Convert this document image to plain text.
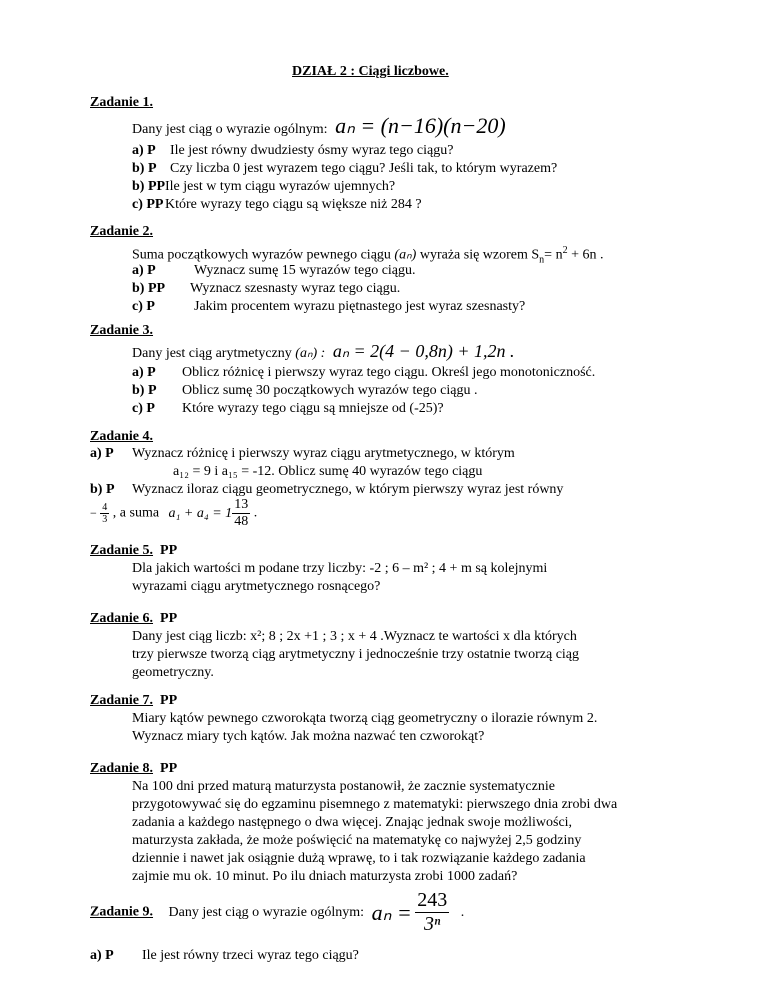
DZIAŁ 2 : Ciągi liczbowe.
Zadanie 1.
Dany jest ciąg o wyrazie ogólnym: aₙ = (n−16)(n−20)
a) P Ile jest równy dwudziesty ósmy wyraz tego ciągu?
b) P Czy liczba 0 jest wyrazem tego ciągu? Jeśli tak, to którym wyrazem?
b) PPIle jest w tym ciągu wyrazów ujemnych?
c) PP Które wyrazy tego ciągu są większe niż 284 ?
Zadanie 2.
Suma początkowych wyrazów pewnego ciągu (aₙ) wyraża się wzorem $S_n= n^2 + 6n$ .
a) P	Wyznacz sumę 15 wyrazów tego ciągu.
b) PP Wyznacz szesnasty wyraz tego ciągu.
c) P	Jakim procentem wyrazu piętnastego jest wyraz szesnasty?
Zadanie 3.
Dany jest ciąg arytmetyczny (aₙ) : aₙ = 2(4 − 0,8n) + 1,2n .
a) P Oblicz różnicę i pierwszy wyraz tego ciągu. Określ jego monotoniczność.
b) P Oblicz sumę 30 początkowych wyrazów tego ciągu .
c) P Które wyrazy tego ciągu są mniejsze od (-25)?
Zadanie 4.
a) P Wyznacz różnicę i pierwszy wyraz ciągu arytmetycznego, w którym
a₁₂ = 9 i a₁₅ = -12. Oblicz sumę 40 wyrazów tego ciągu
b) P Wyznacz iloraz ciągu geometrycznego, w którym pierwszy wyraz jest równy
− $\frac{4}{3}$ , a suma $a_1 + a_4 = 1 \frac{13}{48}$ .
Zadanie 5. PP
Dla jakich wartości m podane trzy liczby: -2 ; 6 – m² ; 4 + m są kolejnymi
wyrazami ciągu arytmetycznego rosnącego?
Zadanie 6. PP
Dany jest ciąg liczb: x²; 8 ; 2x +1 ; 3 ; x + 4 .Wyznacz te wartości x dla których
trzy pierwsze tworzą ciąg arytmetyczny i jednocześnie trzy ostatnie tworzą ciąg
geometryczny.
Zadanie 7. PP
Miary kątów pewnego czworokąta tworzą ciąg geometryczny o ilorazie równym 2.
Wyznacz miary tych kątów. Jak można nazwać ten czworokąt?
Zadanie 8. PP
Na 100 dni przed maturą maturzysta postanowił, że zacznie systematycznie
przygotowywać się do egzaminu pisemnego z matematyki: pierwszego dnia zrobi dwa
zadania a każdego następnego o dwa więcej. Znając jednak swoje możliwości,
maturzysta zakłada, że może poświęcić na matematykę co najwyżej 2,5 godziny
dziennie i nawet jak osiągnie dużą wprawę, to i tak rozwiązanie każdego zadania
zajmie mu ok. 10 minut. Po ilu dniach maturzysta zrobi 1000 zadań?
Zadanie 9. Dany jest ciąg o wyrazie ogólnym: $a_n = \frac{243}{\text{3ⁿ}}$ .
a) P Ile jest równy trzeci wyraz tego ciągu?
